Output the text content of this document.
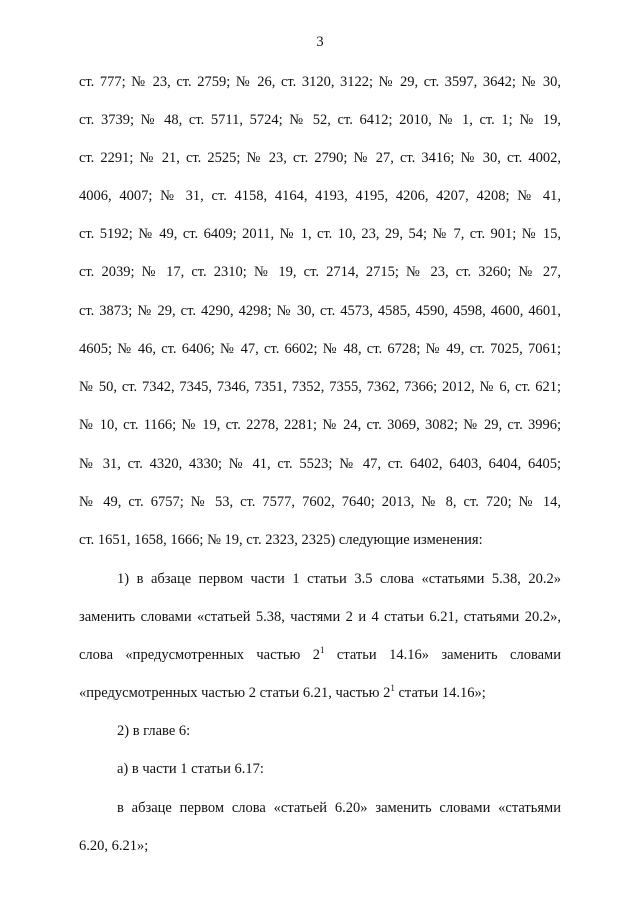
3
ст. 777; № 23, ст. 2759; № 26, ст. 3120, 3122; № 29, ст. 3597, 3642; № 30,
ст. 3739; № 48, ст. 5711, 5724; № 52, ст. 6412; 2010, № 1, ст. 1; № 19,
ст. 2291; № 21, ст. 2525; № 23, ст. 2790; № 27, ст. 3416; № 30, ст. 4002,
4006, 4007; № 31, ст. 4158, 4164, 4193, 4195, 4206, 4207, 4208; № 41,
ст. 5192; № 49, ст. 6409; 2011, № 1, ст. 10, 23, 29, 54; № 7, ст. 901; № 15,
ст. 2039; № 17, ст. 2310; № 19, ст. 2714, 2715; № 23, ст. 3260; № 27,
ст. 3873; № 29, ст. 4290, 4298; № 30, ст. 4573, 4585, 4590, 4598, 4600, 4601,
4605; № 46, ст. 6406; № 47, ст. 6602; № 48, ст. 6728; № 49, ст. 7025, 7061;
№ 50, ст. 7342, 7345, 7346, 7351, 7352, 7355, 7362, 7366; 2012, № 6, ст. 621;
№ 10, ст. 1166; № 19, ст. 2278, 2281; № 24, ст. 3069, 3082; № 29, ст. 3996;
№ 31, ст. 4320, 4330; № 41, ст. 5523; № 47, ст. 6402, 6403, 6404, 6405;
№ 49, ст. 6757; № 53, ст. 7577, 7602, 7640; 2013, № 8, ст. 720; № 14,
ст. 1651, 1658, 1666; № 19, ст. 2323, 2325) следующие изменения:
1) в абзаце первом части 1 статьи 3.5 слова «статьями 5.38, 20.2»
заменить словами «статьей 5.38, частями 2 и 4 статьи 6.21, статьями 20.2»,
слова «предусмотренных частью $2^1$ статьи 14.16» заменить словами
«предусмотренных частью 2 статьи 6.21, частью $2^1$ статьи 14.16»;
2) в главе 6:
а) в части 1 статьи 6.17:
в абзаце первом слова «статьей 6.20» заменить словами «статьями
6.20, 6.21»;
